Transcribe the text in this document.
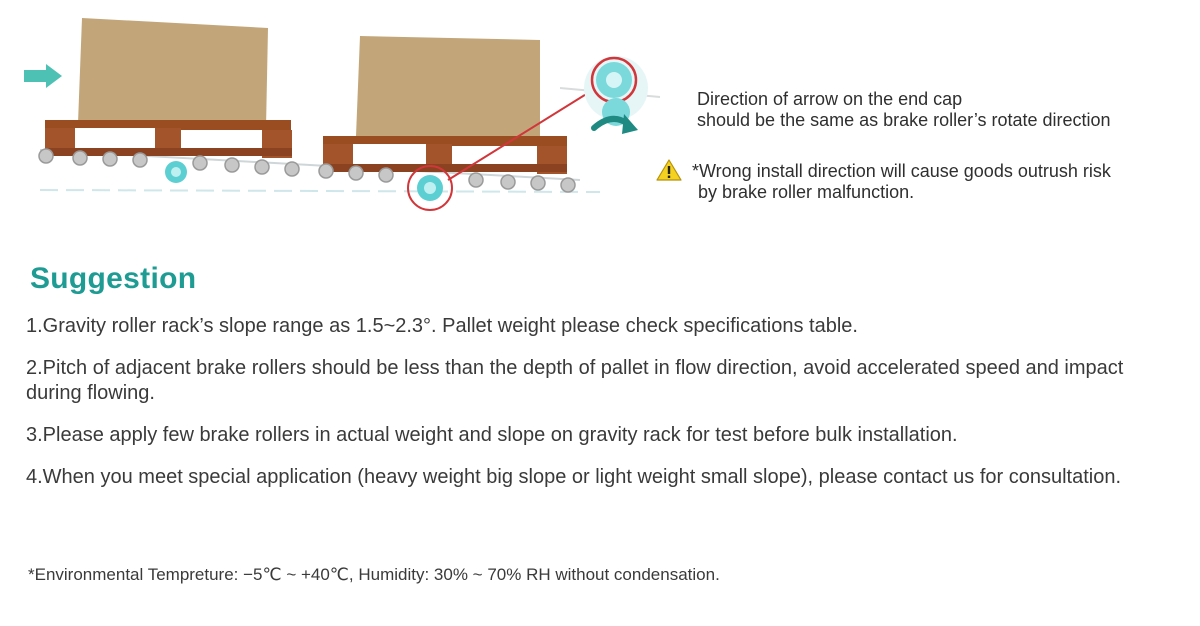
Direction of arrow on the end cap
should be the same as brake roller’s rotate direction
*Wrong install direction will cause goods outrush risk
by brake roller malfunction.
Suggestion
1.Gravity roller rack’s slope range as 1.5~2.3°. Pallet weight please check specifications table.
2.Pitch of adjacent brake rollers should be less than the depth of pallet in flow direction, avoid accelerated speed and impact during flowing.
3.Please apply few brake rollers in actual weight and slope on gravity rack for test before bulk installation.
4.When you meet special application (heavy weight big slope or light weight small slope), please contact us for consultation.
*Environmental Tempreture: −5℃ ~ +40℃, Humidity: 30% ~ 70% RH without condensation.
